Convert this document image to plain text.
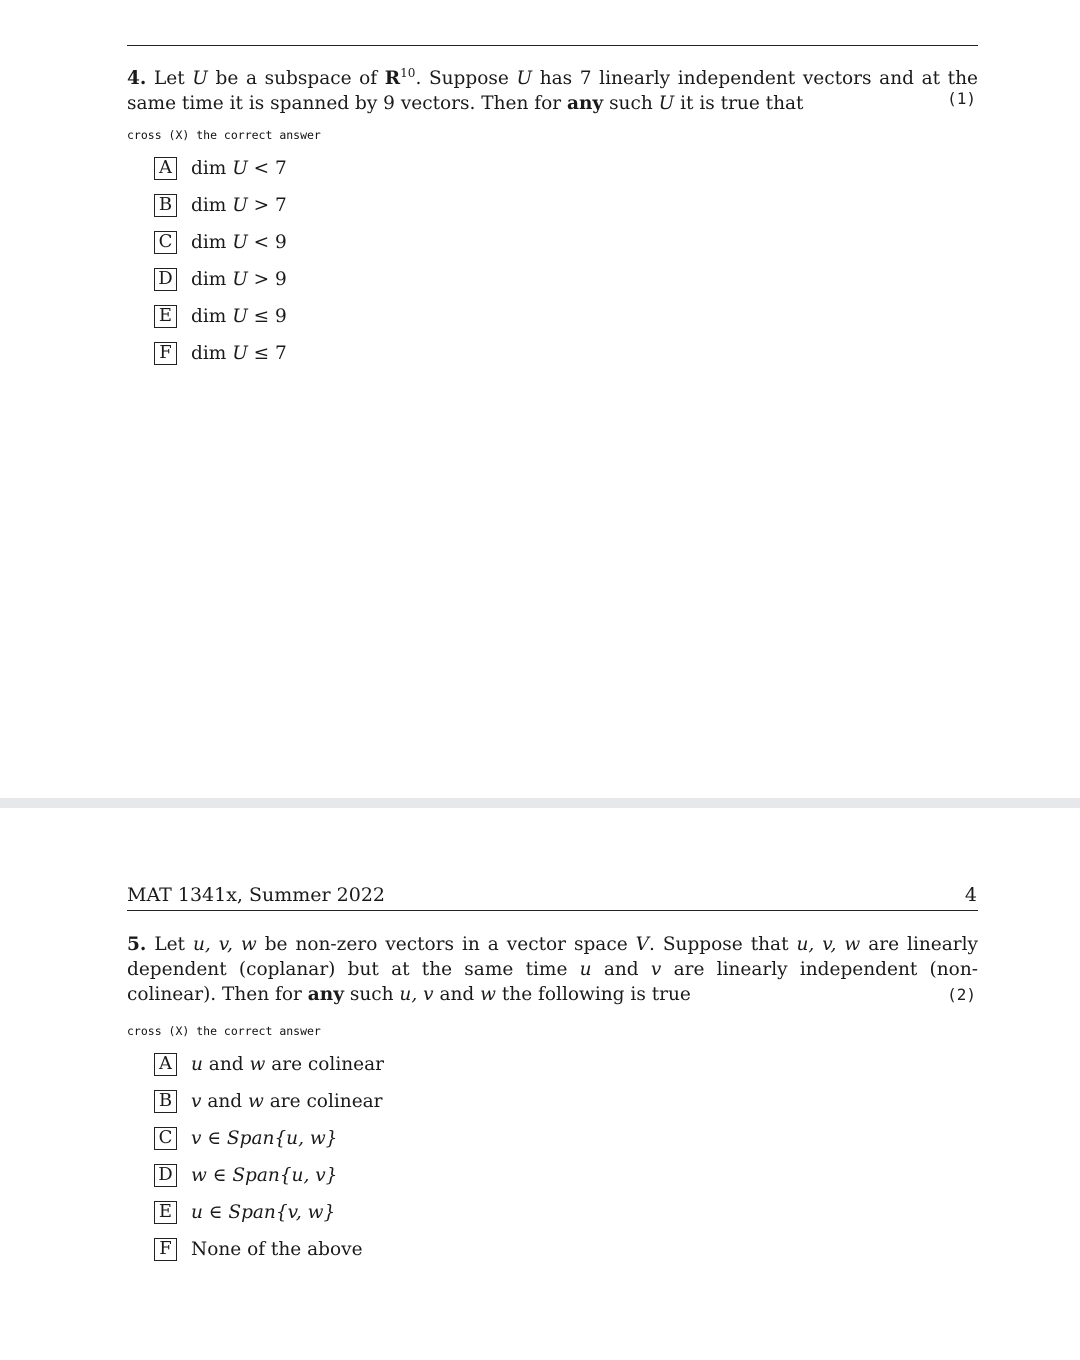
4. Let U be a subspace of $R^{10}$. Suppose U has 7 linearly independent vectors and at the same time it is spanned by 9 vectors. Then for any such U it is true that	(1)
cross (X) the correct answer
A dim U < 7
B dim U > 7
C dim U < 9
D dim U > 9
E dim U ≤ 9
F dim U ≤ 7
MAT 1341x, Summer 2022	4
5. Let u, v, w be non-zero vectors in a vector space V. Suppose that u, v, w are linearly dependent (coplanar) but at the same time u and v are linearly independent (non-colinear). Then for any such u, v and w the following is true	(2)
cross (X) the correct answer
A u and w are colinear
B v and w are colinear
C v ∈ Span{u, w}
D w ∈ Span{u, v}
E u ∈ Span{v, w}
F None of the above
